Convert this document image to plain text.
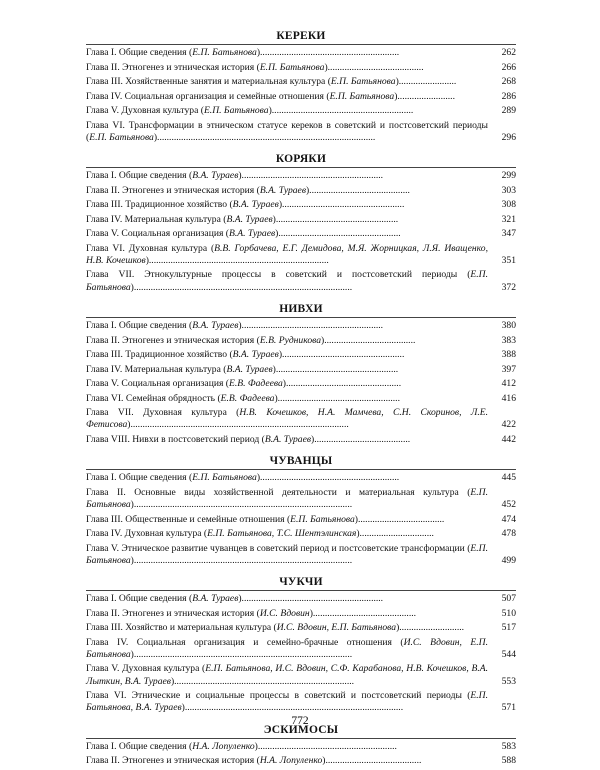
КЕРЕКИ
Глава I. Общие сведения (Е.П. Батьянова)..........................................................	262
Глава II. Этногенез и этническая история (Е.П. Батьянова)........................................	266
Глава III. Хозяйственные занятия и материальная культура (Е.П. Батьянова)........................	268
Глава IV. Социальная организация и семейные отношения (Е.П. Батьянова)........................	286
Глава V. Духовная культура (Е.П. Батьянова)...........................................................	289
Глава VI. Трансформации в этническом статусе кереков в советский и постсоветский периоды (Е.П. Батьянова)...........................................................................................	296
КОРЯКИ
Глава I. Общие сведения (В.А. Тураев)...........................................................	299
Глава II. Этногенез и этническая история (В.А. Тураев)..........................................	303
Глава III. Традиционное хозяйство (В.А. Тураев)...................................................	308
Глава IV. Материальная культура (В.А. Тураев)...................................................	321
Глава V. Социальная организация (В.А. Тураев)...................................................	347
Глава VI. Духовная культура (В.В. Горбачева, Е.Г. Демидова, М.Я. Жорницкая, Л.Я. Иващенко, Н.В. Кочешков)...........................................................................	351
Глава VII. Этнокультурные процессы в советский и постсоветский периоды (Е.П. Батьянова)...........................................................................................	372
НИВХИ
Глава I. Общие сведения (В.А. Тураев)...........................................................	380
Глава II. Этногенез и этническая история (Е.В. Рудникова)......................................	383
Глава III. Традиционное хозяйство (В.А. Тураев)...................................................	388
Глава IV. Материальная культура (В.А. Тураев)...................................................	397
Глава V. Социальная организация (Е.В. Фадеева)................................................	412
Глава VI. Семейная обрядность (Е.В. Фадеева)...................................................	416
Глава VII. Духовная культура (Н.В. Кочешков, Н.А. Мамчева, С.Н. Скоринов, Л.Е. Фетисова)...........................................................................................	422
Глава VIII. Нивхи в постсоветский период (В.А. Тураев)........................................	442
ЧУВАНЦЫ
Глава I. Общие сведения (Е.П. Батьянова)..........................................................	445
Глава II. Основные виды хозяйственной деятельности и материальная культура (Е.П. Батьянова)...........................................................................................	452
Глава III. Общественные и семейные отношения (Е.П. Батьянова)....................................	474
Глава IV. Духовная культура (Е.П. Батьянова, Т.С. Шентэлинская)...............................	478
Глава V. Этническое развитие чуванцев в советский период и постсоветские трансформации (Е.П. Батьянова)...........................................................................................	499
ЧУКЧИ
Глава I. Общие сведения (В.А. Тураев)...........................................................	507
Глава II. Этногенез и этническая история (И.С. Вдовин)...........................................	510
Глава III. Хозяйство и материальная культура (И.С. Вдовин, Е.П. Батьянова)...........................	517
Глава IV. Социальная организация и семейно-брачные отношения (И.С. Вдовин, Е.П. Батьянова)...........................................................................................	544
Глава V. Духовная культура (Е.П. Батьянова, И.С. Вдовин, С.Ф. Карабанова, Н.В. Кочешков, В.А. Лыткин, В.А. Тураев)...........................................................................	553
Глава VI. Этнические и социальные процессы в советский и постсоветский периоды (Е.П. Батьянова, В.А. Тураев)...........................................................................................	571
ЭСКИМОСЫ
Глава I. Общие сведения (Н.А. Лопуленко)..........................................................	583
Глава II. Этногенез и этническая история (Н.А. Лопуленко)........................................	588
772
